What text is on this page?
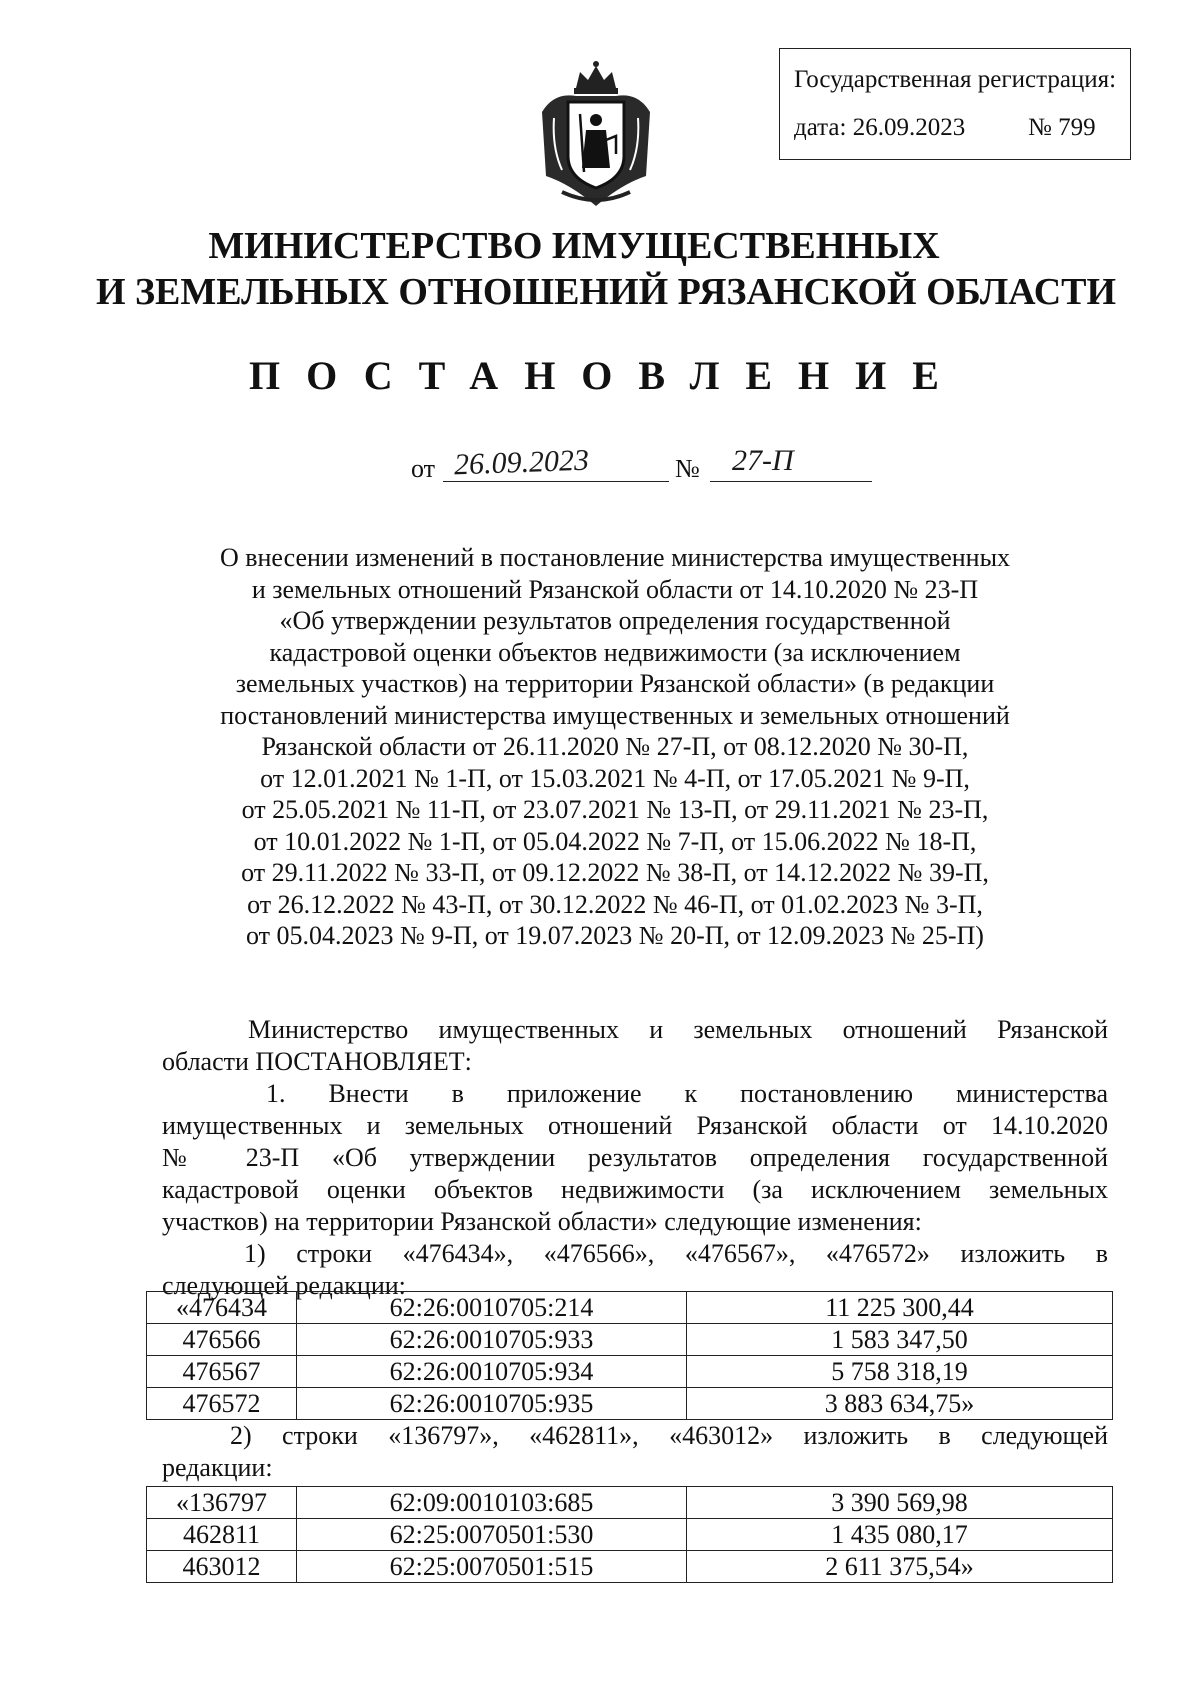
Государственная регистрация:
дата: 26.09.2023	№ 799
МИНИСТЕРСТВО ИМУЩЕСТВЕННЫХ
И ЗЕМЕЛЬНЫХ ОТНОШЕНИЙ РЯЗАНСКОЙ ОБЛАСТИ
ПОСТАНОВЛЕНИЕ
от 26.09.2023	№ 27-П
О внесении изменений в постановление министерства имущественных
и земельных отношений Рязанской области от 14.10.2020 № 23-П
«Об утверждении результатов определения государственной
кадастровой оценки объектов недвижимости (за исключением
земельных участков) на территории Рязанской области» (в редакции
постановлений министерства имущественных и земельных отношений
Рязанской области от 26.11.2020 № 27-П, от 08.12.2020 № 30-П,
от 12.01.2021 № 1-П, от 15.03.2021 № 4-П, от 17.05.2021 № 9-П,
от 25.05.2021 № 11-П, от 23.07.2021 № 13-П, от 29.11.2021 № 23-П,
от 10.01.2022 № 1-П, от 05.04.2022 № 7-П, от 15.06.2022 № 18-П,
от 29.11.2022 № 33-П, от 09.12.2022 № 38-П, от 14.12.2022 № 39-П,
от 26.12.2022 № 43-П, от 30.12.2022 № 46-П, от 01.02.2023 № 3-П,
от 05.04.2023 № 9-П, от 19.07.2023 № 20-П, от 12.09.2023 № 25-П)
Министерство имущественных и земельных отношений Рязанской
области ПОСТАНОВЛЯЕТ:
1. Внести в приложение к постановлению министерства
имущественных и земельных отношений Рязанской области от 14.10.2020
№ 23-П «Об утверждении результатов определения государственной
кадастровой оценки объектов недвижимости (за исключением земельных
участков) на территории Рязанской области» следующие изменения:
1) строки «476434», «476566», «476567», «476572» изложить в
следующей редакции:
«476434	62:26:0010705:214	11 225 300,44
476566	62:26:0010705:933	1 583 347,50
476567	62:26:0010705:934	5 758 318,19
476572	62:26:0010705:935	3 883 634,75»
2) строки «136797», «462811», «463012» изложить в следующей
редакции:
«136797	62:09:0010103:685	3 390 569,98
462811	62:25:0070501:530	1 435 080,17
463012	62:25:0070501:515	2 611 375,54»
